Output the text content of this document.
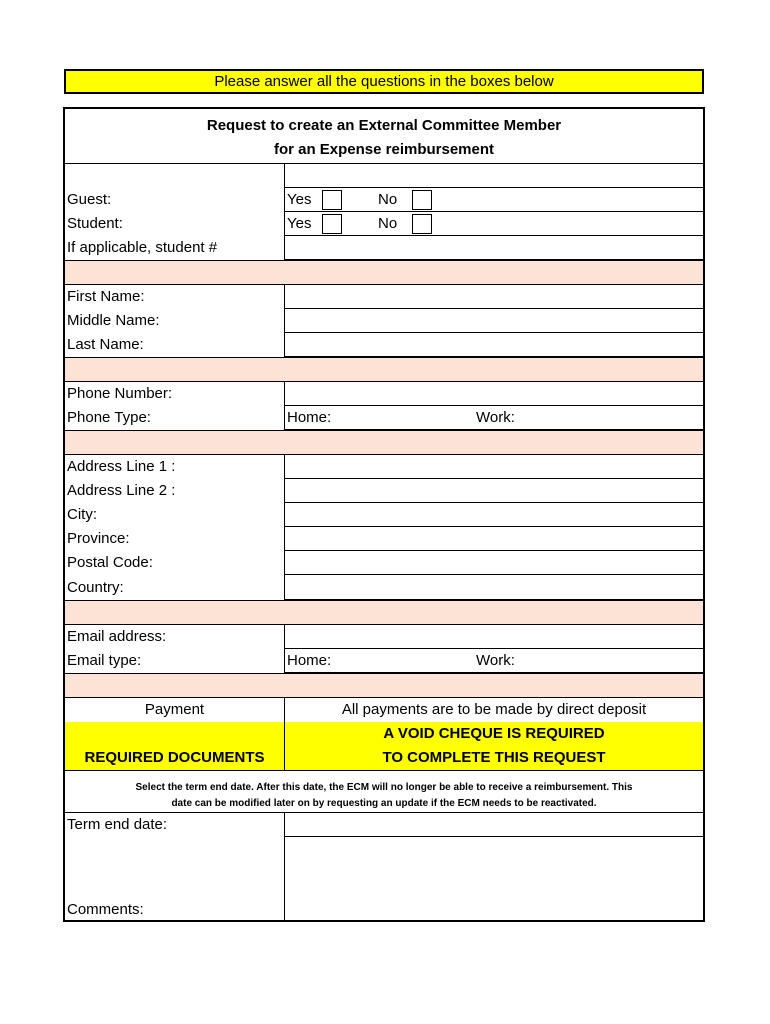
Please answer all the questions in the boxes below
Request to create an External Committee Member
for an Expense reimbursement
Guest:	Yes	No
Student:	Yes	No
If applicable, student #
First Name:
Middle Name:
Last Name:
Phone Number:
Phone Type:	Home:	Work:
Address Line 1 :
Address Line 2 :
City:
Province:
Postal Code:
Country:
Email address:
Email type:	Home:	Work:
Payment	All payments are to be made by direct deposit
REQUIRED DOCUMENTS
A VOID CHEQUE IS REQUIRED
TO COMPLETE THIS REQUEST
Select the term end date. After this date, the ECM will no longer be able to receive a reimbursement. This
date can be modified later on by requesting an update if the ECM needs to be reactivated.
Term end date:
Comments:
